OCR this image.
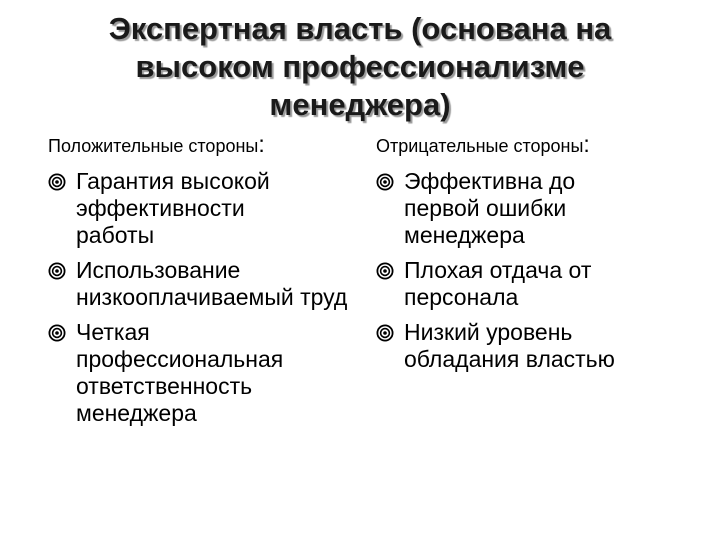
Экспертная власть (основана на высоком профессионализме менеджера)
Положительные стороны:
Гарантия высокой эффективности работы
Использование низкооплачиваемый труд
Четкая профессиональная ответственность менеджера
Отрицательные стороны:
Эффективна до первой ошибки менеджера
Плохая отдача от персонала
Низкий уровень обладания властью
